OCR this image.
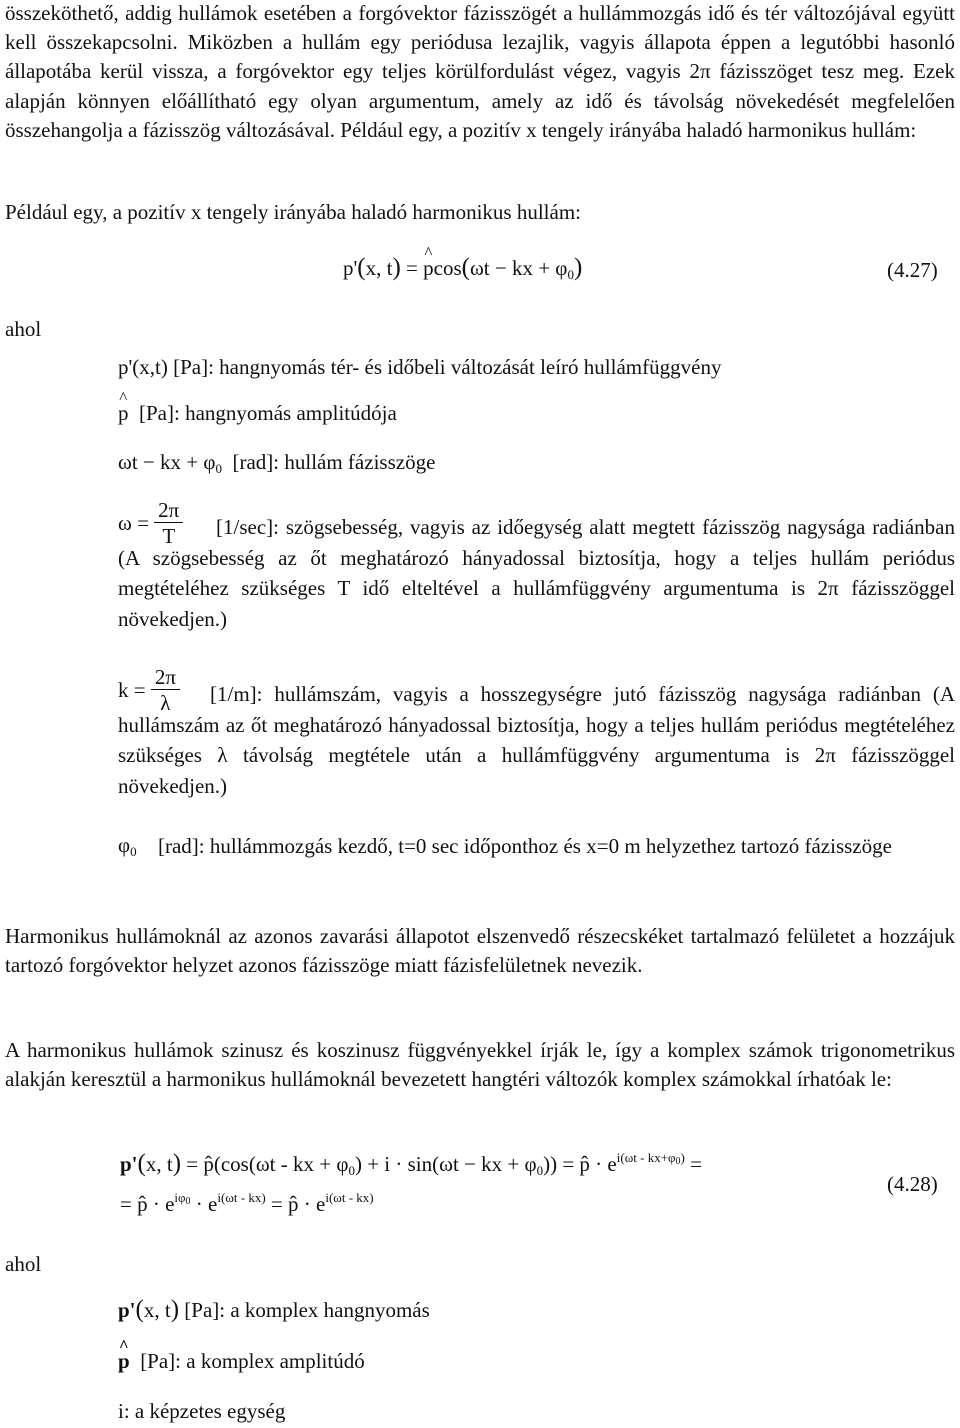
összeköthető, addig hullámok esetében a forgóvektor fázisszögét a hullámmozgás idő és tér változójával együtt kell összekapcsolni. Miközben a hullám egy periódusa lezajlik, vagyis állapota éppen a legutóbbi hasonló állapotába kerül vissza, a forgóvektor egy teljes körülfordulást végez, vagyis 2π fázisszöget tesz meg. Ezek alapján könnyen előállítható egy olyan argumentum, amely az idő és távolság növekedését megfelelően összehangolja a fázisszög változásával. Például egy, a pozitív x tengely irányába haladó harmonikus hullám:
Például egy, a pozitív x tengely irányába haladó harmonikus hullám:
p'(x, t) = ^ pcos(ωt − kx + $\varphi_0$)	(4.27)
ahol
p'(x,t) [Pa]: hangnyomás tér- és időbeli változását leíró hullámfüggvény
^ p [Pa]: hangnyomás amplitúdója
ωt − kx + $\varphi_0$ [rad]: hullám fázisszöge
$\omega = \frac{2\pi}{T}$	[1/sec]: szögsebesség, vagyis az időegység alatt megtett fázisszög nagysága radiánban (A szögsebesség az őt meghatározó hányadossal biztosítja, hogy a teljes hullám periódus megtételéhez szükséges T idő elteltével a hullámfüggvény argumentuma is 2π fázisszöggel növekedjen.)
$k = \frac{2\pi}{\lambda}$	[1/m]: hullámszám, vagyis a hosszegységre jutó fázisszög nagysága radiánban (A hullámszám az őt meghatározó hányadossal biztosítja, hogy a teljes hullám periódus megtételéhez szükséges λ távolság megtétele után a hullámfüggvény argumentuma is 2π fázisszöggel növekedjen.)
$\varphi_0$	[rad]: hullámmozgás kezdő, t=0 sec időponthoz és x=0 m helyzethez tartozó fázisszöge
Harmonikus hullámoknál az azonos zavarási állapotot elszenvedő részecskéket tartalmazó felületet a hozzájuk tartozó forgóvektor helyzet azonos fázisszöge miatt fázisfelületnek nevezik.
A harmonikus hullámok szinusz és koszinusz függvényekkel írják le, így a komplex számok trigonometrikus alakján keresztül a harmonikus hullámoknál bevezetett hangtéri változók komplex számokkal írhatóak le:
p'(x, t) = p̂(cos(ωt - kx + $\varphi_0) + i \cdot \sin(\omega t$ − kx + $\varphi_0$)) = p̂ · $e^{i(\omega t - kx+\varphi_0)}$ =
= p̂ · $e^{i\varphi_0} \cdot e^{i(\omega t - kx)}$ = p̂ · $e^{i(\omega t - kx)}$
(4.28)
ahol
p'(x, t) [Pa]: a komplex hangnyomás
^ p [Pa]: a komplex amplitúdó
i: a képzetes egység
